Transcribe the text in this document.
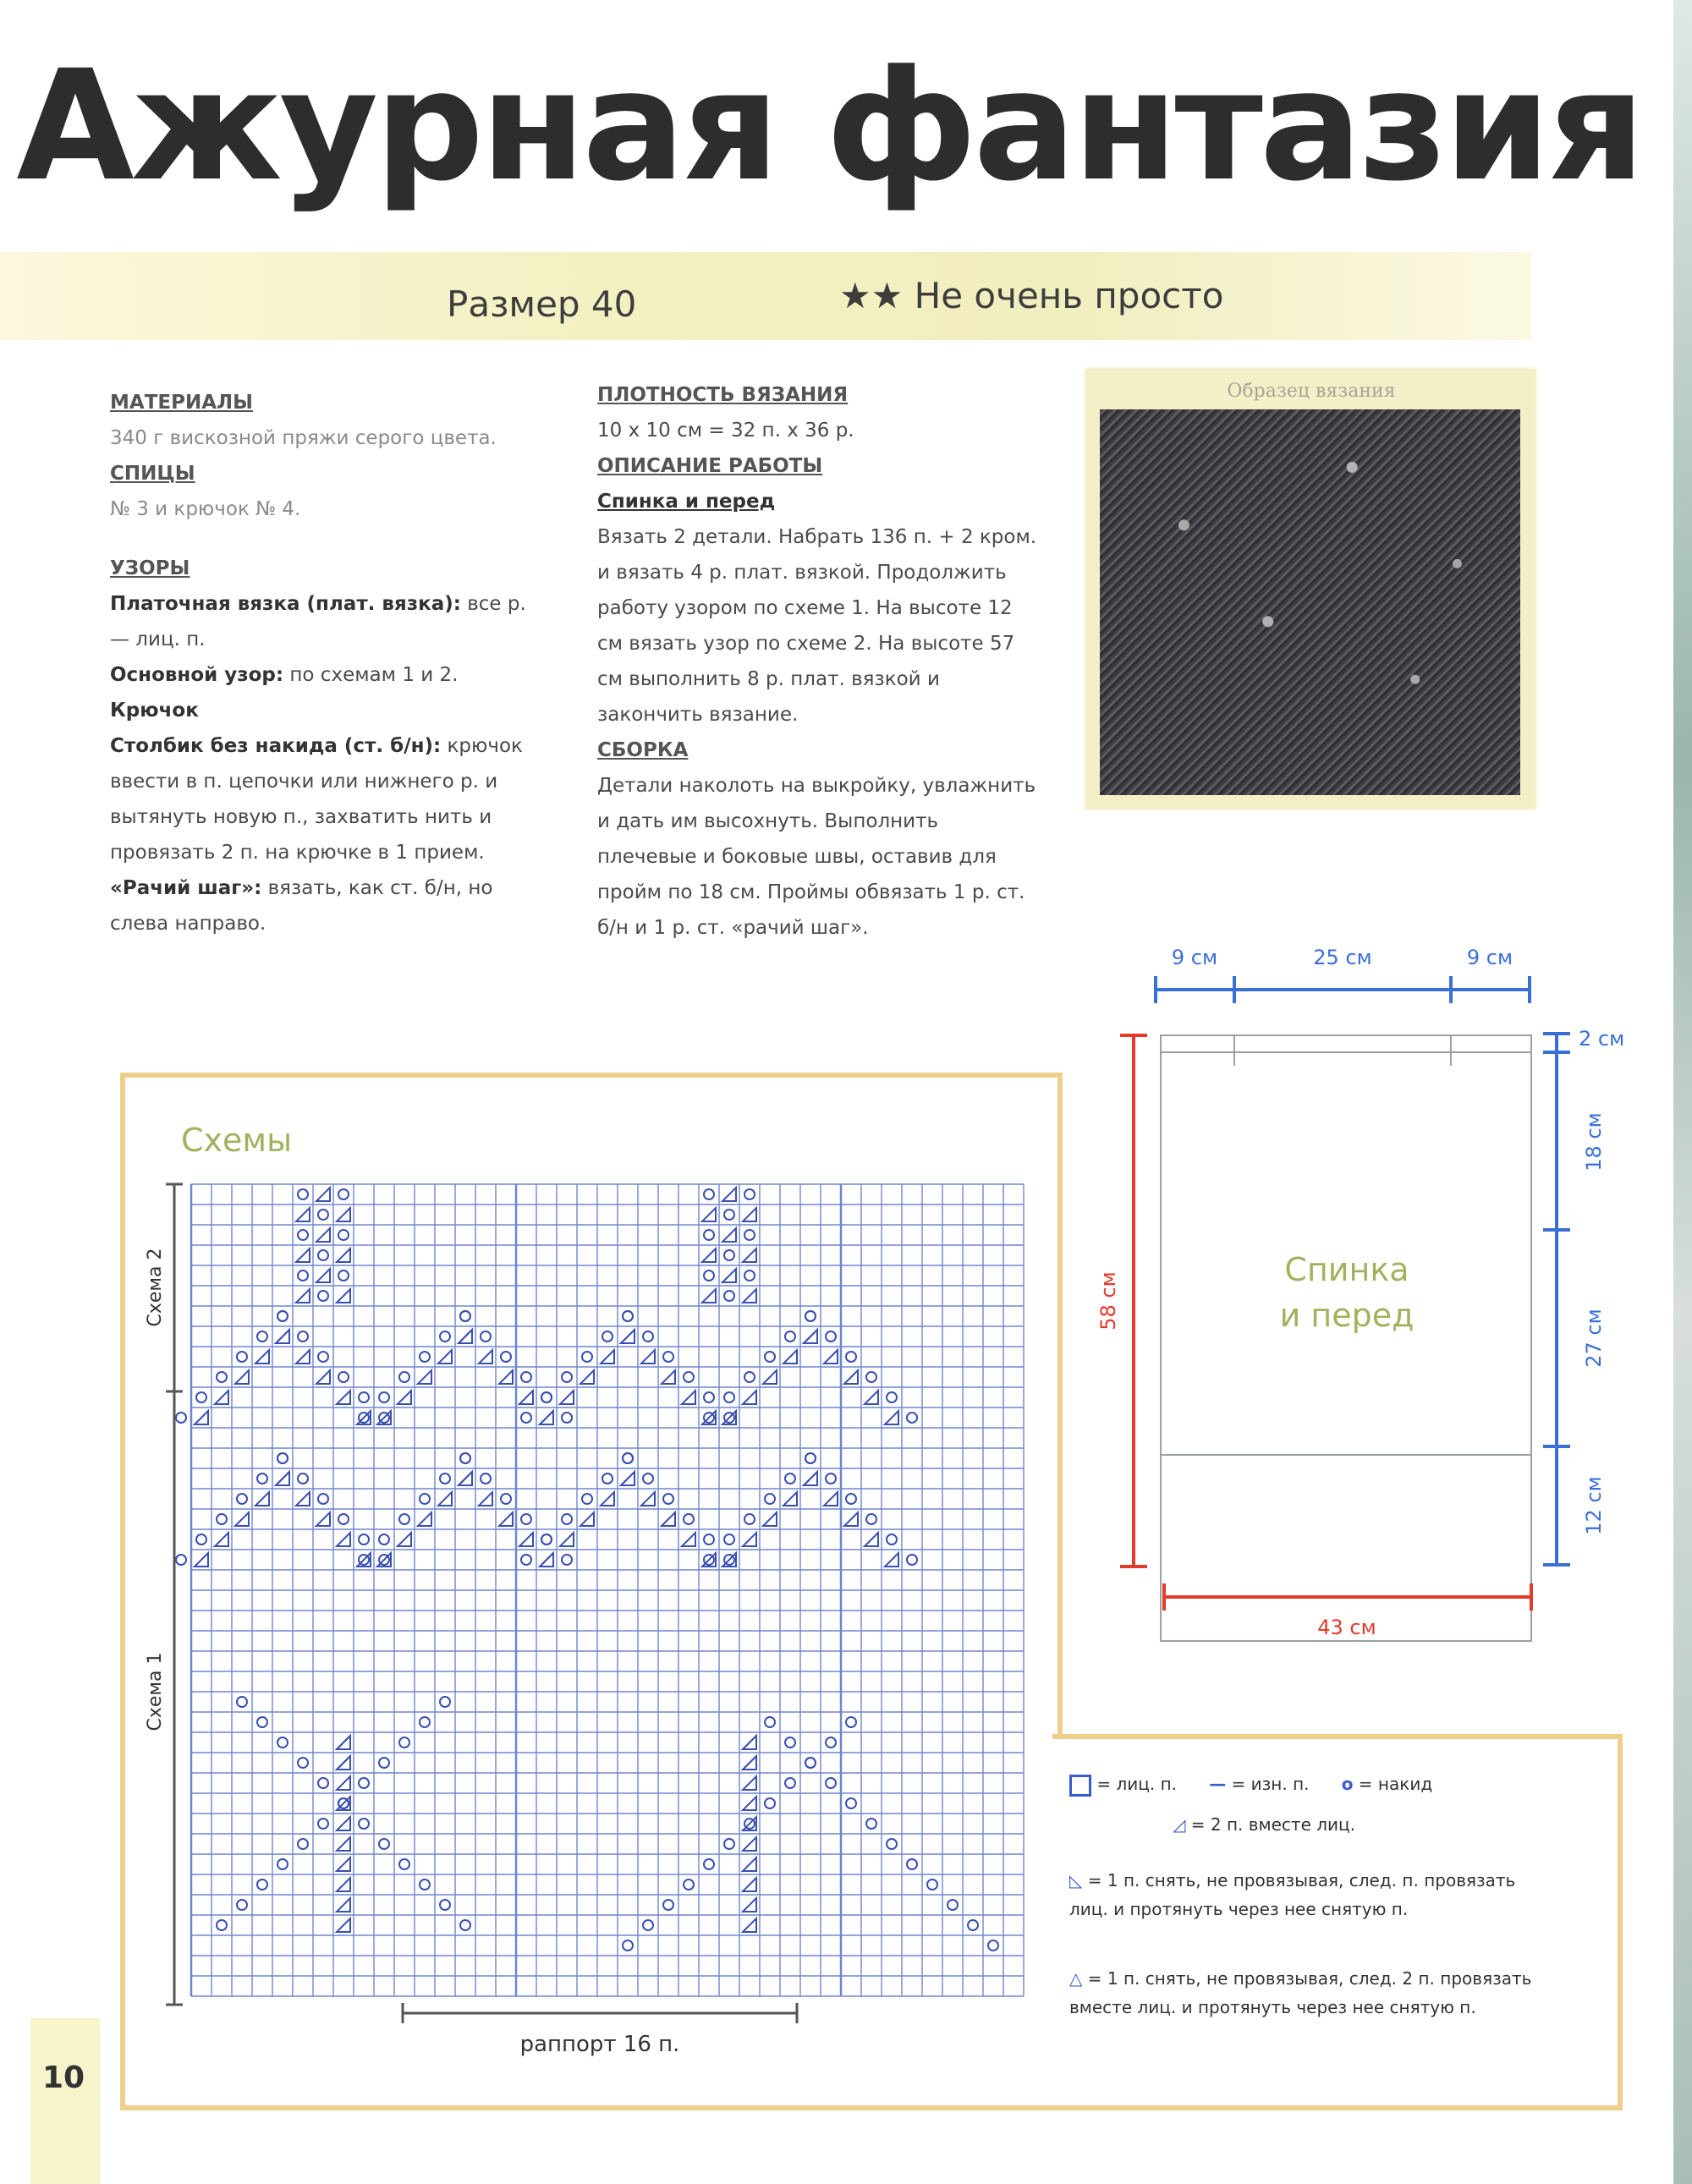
Ажурная фантазия
Размер 40	★★ Не очень просто

МАТЕРИАЛЫ

340 г вискозной пряжи серого цвета.

СПИЦЫ

№ 3 и крючок № 4.

УЗОРЫ

Платочная вязка (плат. вязка): все р. — лиц. п.

Основной узор: по схемам 1 и 2.

Крючок

Столбик без накида (ст. б/н): крючок ввести в п. цепочки или нижнего р. и вытянуть новую п., захватить нить и провязать 2 п. на крючке в 1 прием.

«Рачий шаг»: вязать, как ст. б/н, но слева направо.

ПЛОТНОСТЬ ВЯЗАНИЯ

10 x 10 см = 32 п. x 36 р.

ОПИСАНИЕ РАБОТЫ

Спинка и перед

Вязать 2 детали. Набрать 136 п. + 2 кром. и вязать 4 р. плат. вязкой. Продолжить работу узором по схеме 1. На высоте 12 см вязать узор по схеме 2. На высоте 57 см выполнить 8 р. плат. вязкой и закончить вязание.

СБОРКА

Детали наколоть на выкройку, увлажнить и дать им высохнуть. Выполнить плечевые и боковые швы, оставив для пройм по 18 см. Проймы обвязать 1 р. ст. б/н и 1 р. ст. «рачий шаг».

Образец вязания
9 см	25 см	9 см
2 см
18 см
27 см
12 см
58 см
43 см
Спинка
и перед
Схемы
Схема 2
Схема 1
раппорт 16 п.
= лиц. п. — = изн. п. о = накид
◿ = 2 п. вместе лиц.
◺ = 1 п. снять, не провязывая, след. п. провязать лиц. и протянуть через нее снятую п.
△ = 1 п. снять, не провязывая, след. 2 п. провязать вместе лиц. и протянуть через нее снятую п.
10
